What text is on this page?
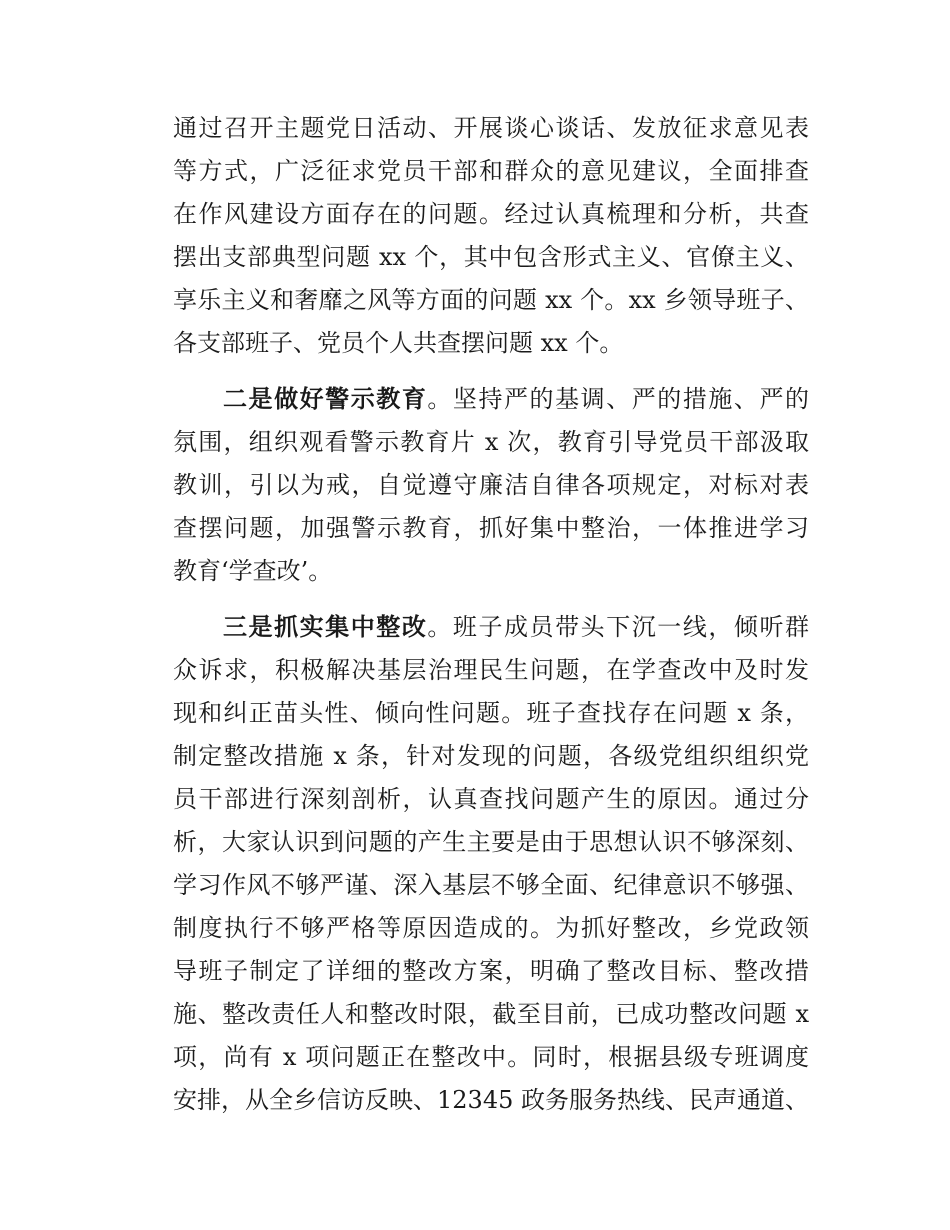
通过召开主题党日活动、开展谈心谈话、发放征求意见表
等方式，广泛征求党员干部和群众的意见建议，全面排查
在作风建设方面存在的问题。经过认真梳理和分析，共查
摆出支部典型问题 xx 个，其中包含形式主义、官僚主义、
享乐主义和奢靡之风等方面的问题 xx 个。xx 乡领导班子、
各支部班子、党员个人共查摆问题 xx 个。
二是做好警示教育。坚持严的基调、严的措施、严的
氛围，组织观看警示教育片 x 次，教育引导党员干部汲取
教训，引以为戒，自觉遵守廉洁自律各项规定，对标对表
查摆问题，加强警示教育，抓好集中整治，一体推进学习
教育‘学查改’。
三是抓实集中整改。班子成员带头下沉一线，倾听群
众诉求，积极解决基层治理民生问题，在学查改中及时发
现和纠正苗头性、倾向性问题。班子查找存在问题 x 条，
制定整改措施 x 条，针对发现的问题，各级党组织组织党
员干部进行深刻剖析，认真查找问题产生的原因。通过分
析，大家认识到问题的产生主要是由于思想认识不够深刻、
学习作风不够严谨、深入基层不够全面、纪律意识不够强、
制度执行不够严格等原因造成的。为抓好整改，乡党政领
导班子制定了详细的整改方案，明确了整改目标、整改措
施、整改责任人和整改时限，截至目前，已成功整改问题 x
项，尚有 x 项问题正在整改中。同时，根据县级专班调度
安排，从全乡信访反映、12345 政务服务热线、民声通道、
